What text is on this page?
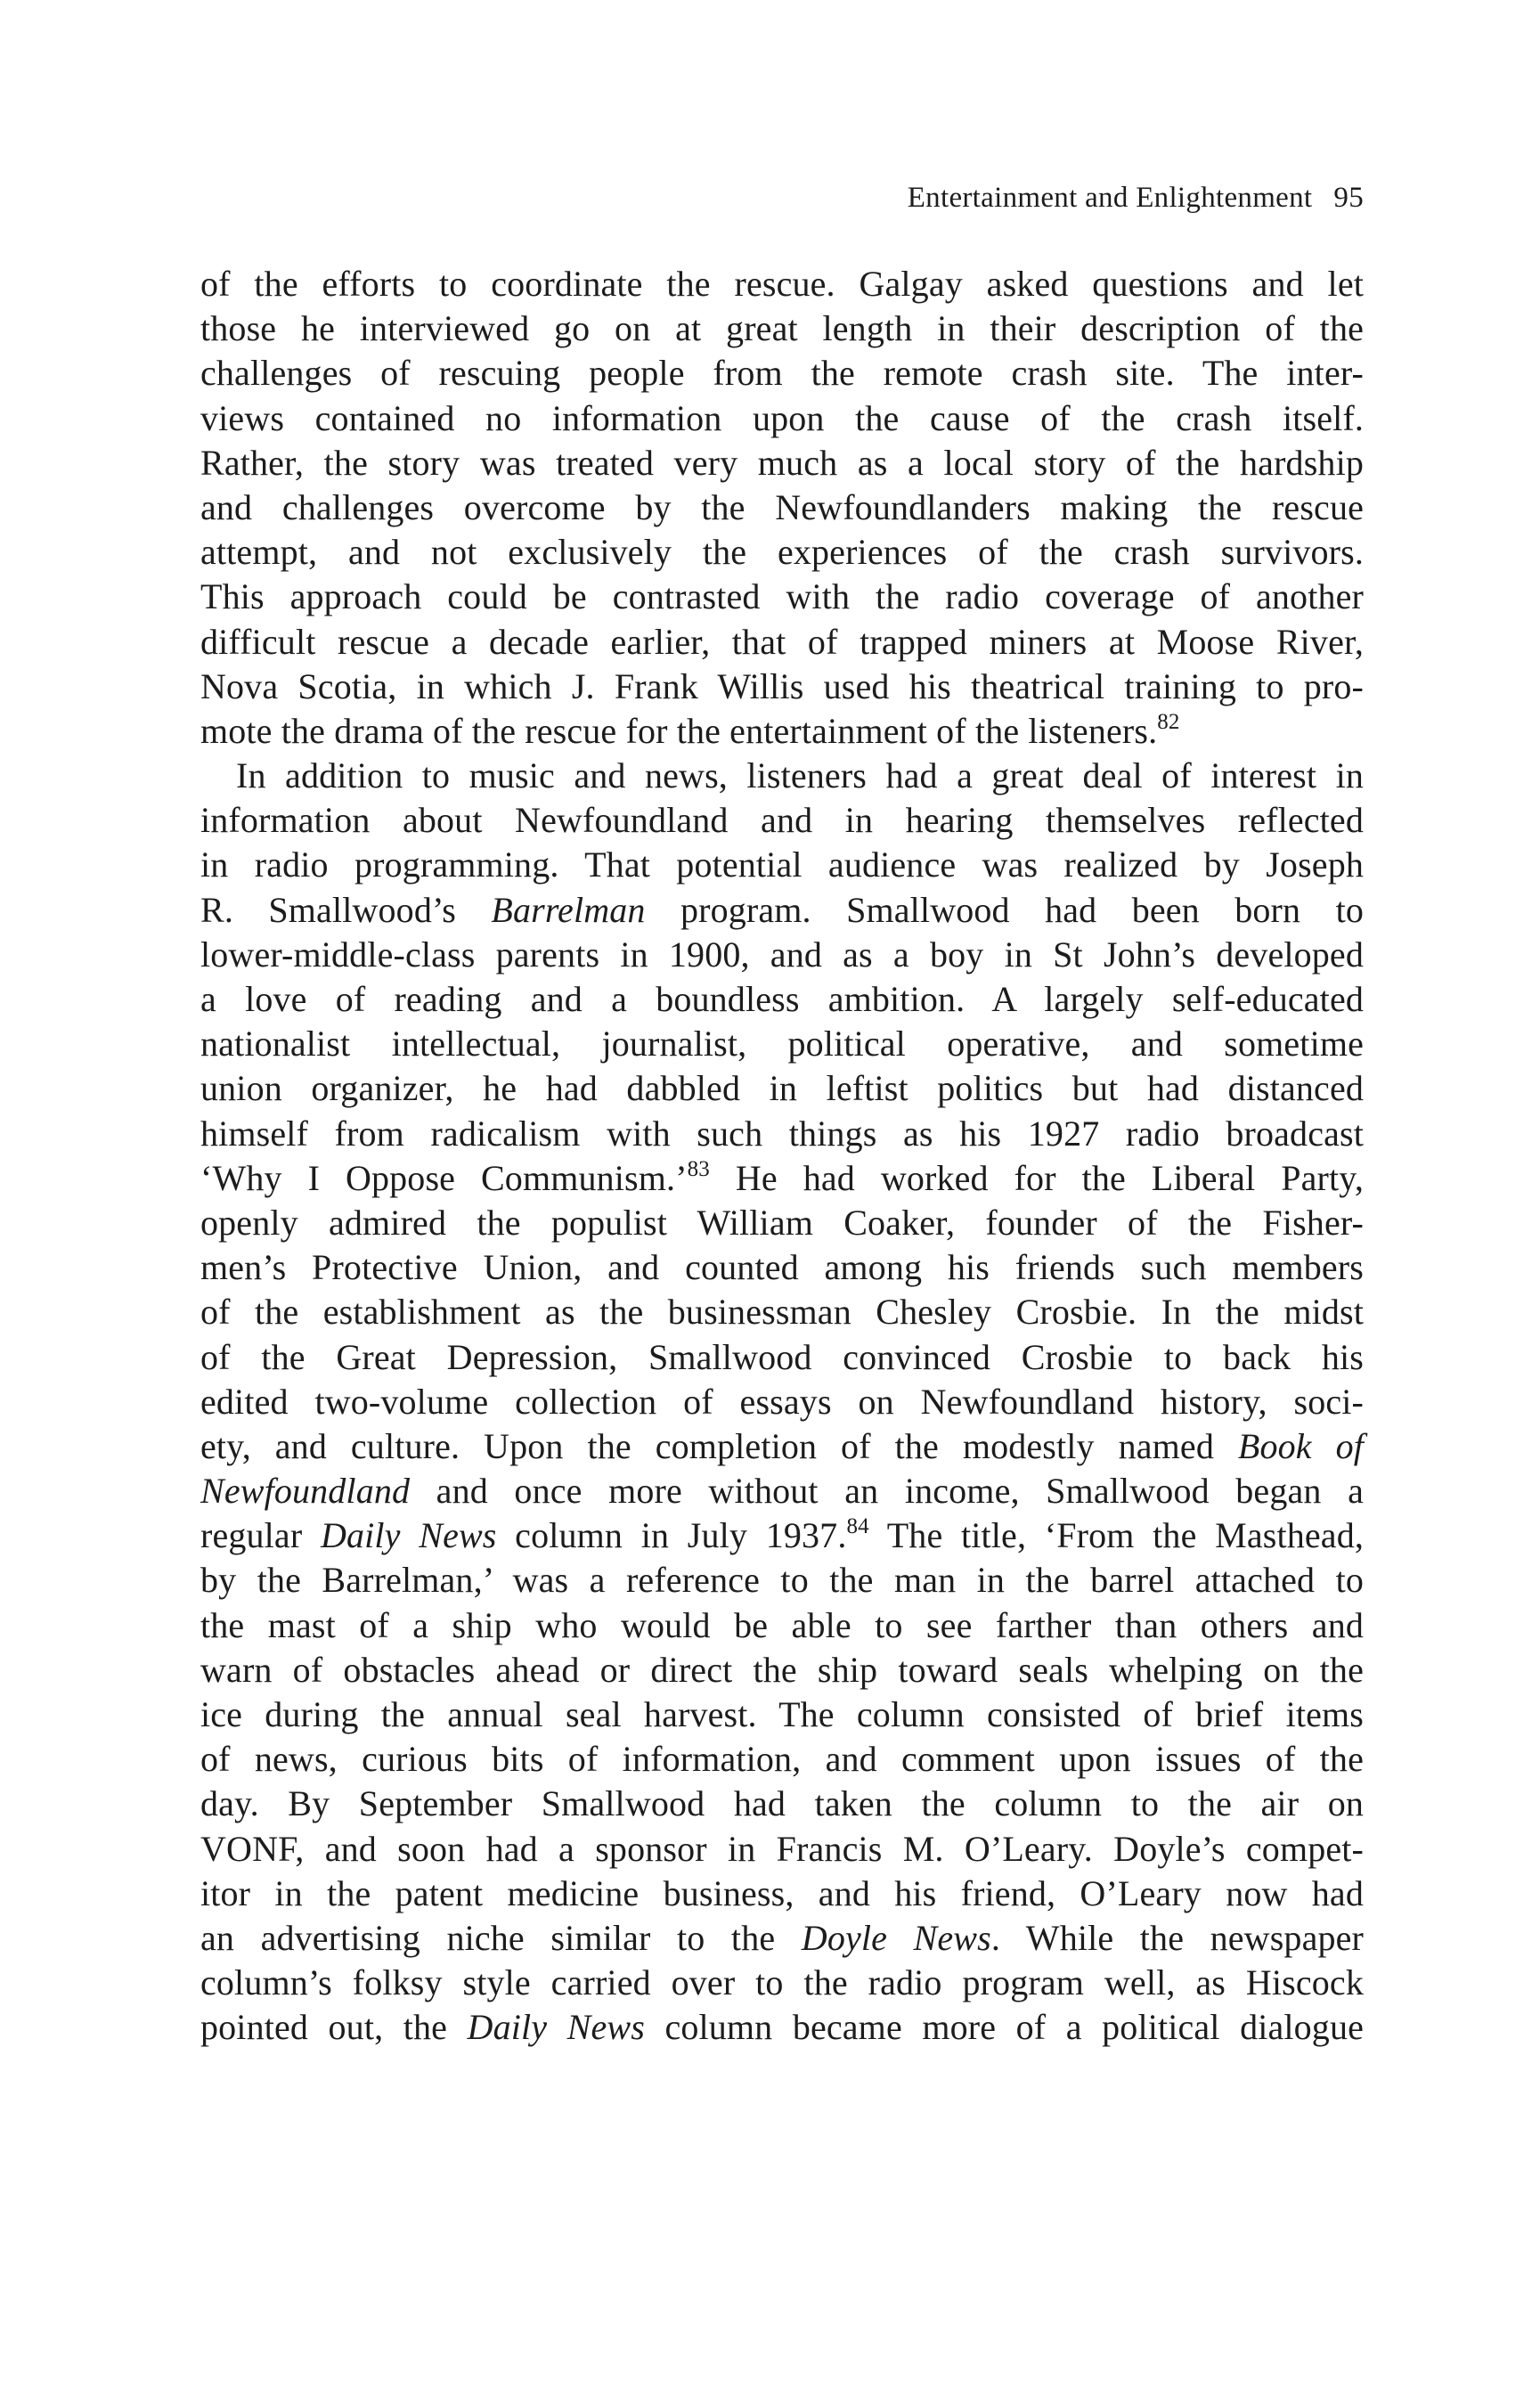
Entertainment and Enlightenment 95
of the efforts to coordinate the rescue. Galgay asked questions and let
those he interviewed go on at great length in their description of the
challenges of rescuing people from the remote crash site. The inter-
views contained no information upon the cause of the crash itself.
Rather, the story was treated very much as a local story of the hardship
and challenges overcome by the Newfoundlanders making the rescue
attempt, and not exclusively the experiences of the crash survivors.
This approach could be contrasted with the radio coverage of another
difficult rescue a decade earlier, that of trapped miners at Moose River,
Nova Scotia, in which J. Frank Willis used his theatrical training to pro-
mote the drama of the rescue for the entertainment of the listeners.$^{82}$
In addition to music and news, listeners had a great deal of interest in
information about Newfoundland and in hearing themselves reflected
in radio programming. That potential audience was realized by Joseph
R. Smallwood’s Barrelman program. Smallwood had been born to
lower-middle-class parents in 1900, and as a boy in St John’s developed
a love of reading and a boundless ambition. A largely self-educated
nationalist intellectual, journalist, political operative, and sometime
union organizer, he had dabbled in leftist politics but had distanced
himself from radicalism with such things as his 1927 radio broadcast
‘Why I Oppose Communism.’$^{83}$ He had worked for the Liberal Party,
openly admired the populist William Coaker, founder of the Fisher-
men’s Protective Union, and counted among his friends such members
of the establishment as the businessman Chesley Crosbie. In the midst
of the Great Depression, Smallwood convinced Crosbie to back his
edited two-volume collection of essays on Newfoundland history, soci-
ety, and culture. Upon the completion of the modestly named Book of
Newfoundland and once more without an income, Smallwood began a
regular Daily News column in July 1937.84 The title, ‘From the Masthead,
by the Barrelman,’ was a reference to the man in the barrel attached to
the mast of a ship who would be able to see farther than others and
warn of obstacles ahead or direct the ship toward seals whelping on the
ice during the annual seal harvest. The column consisted of brief items
of news, curious bits of information, and comment upon issues of the
day. By September Smallwood had taken the column to the air on
VONF, and soon had a sponsor in Francis M. O’Leary. Doyle’s compet-
itor in the patent medicine business, and his friend, O’Leary now had
an advertising niche similar to the Doyle News. While the newspaper
column’s folksy style carried over to the radio program well, as Hiscock
pointed out, the Daily News column became more of a political dialogue
